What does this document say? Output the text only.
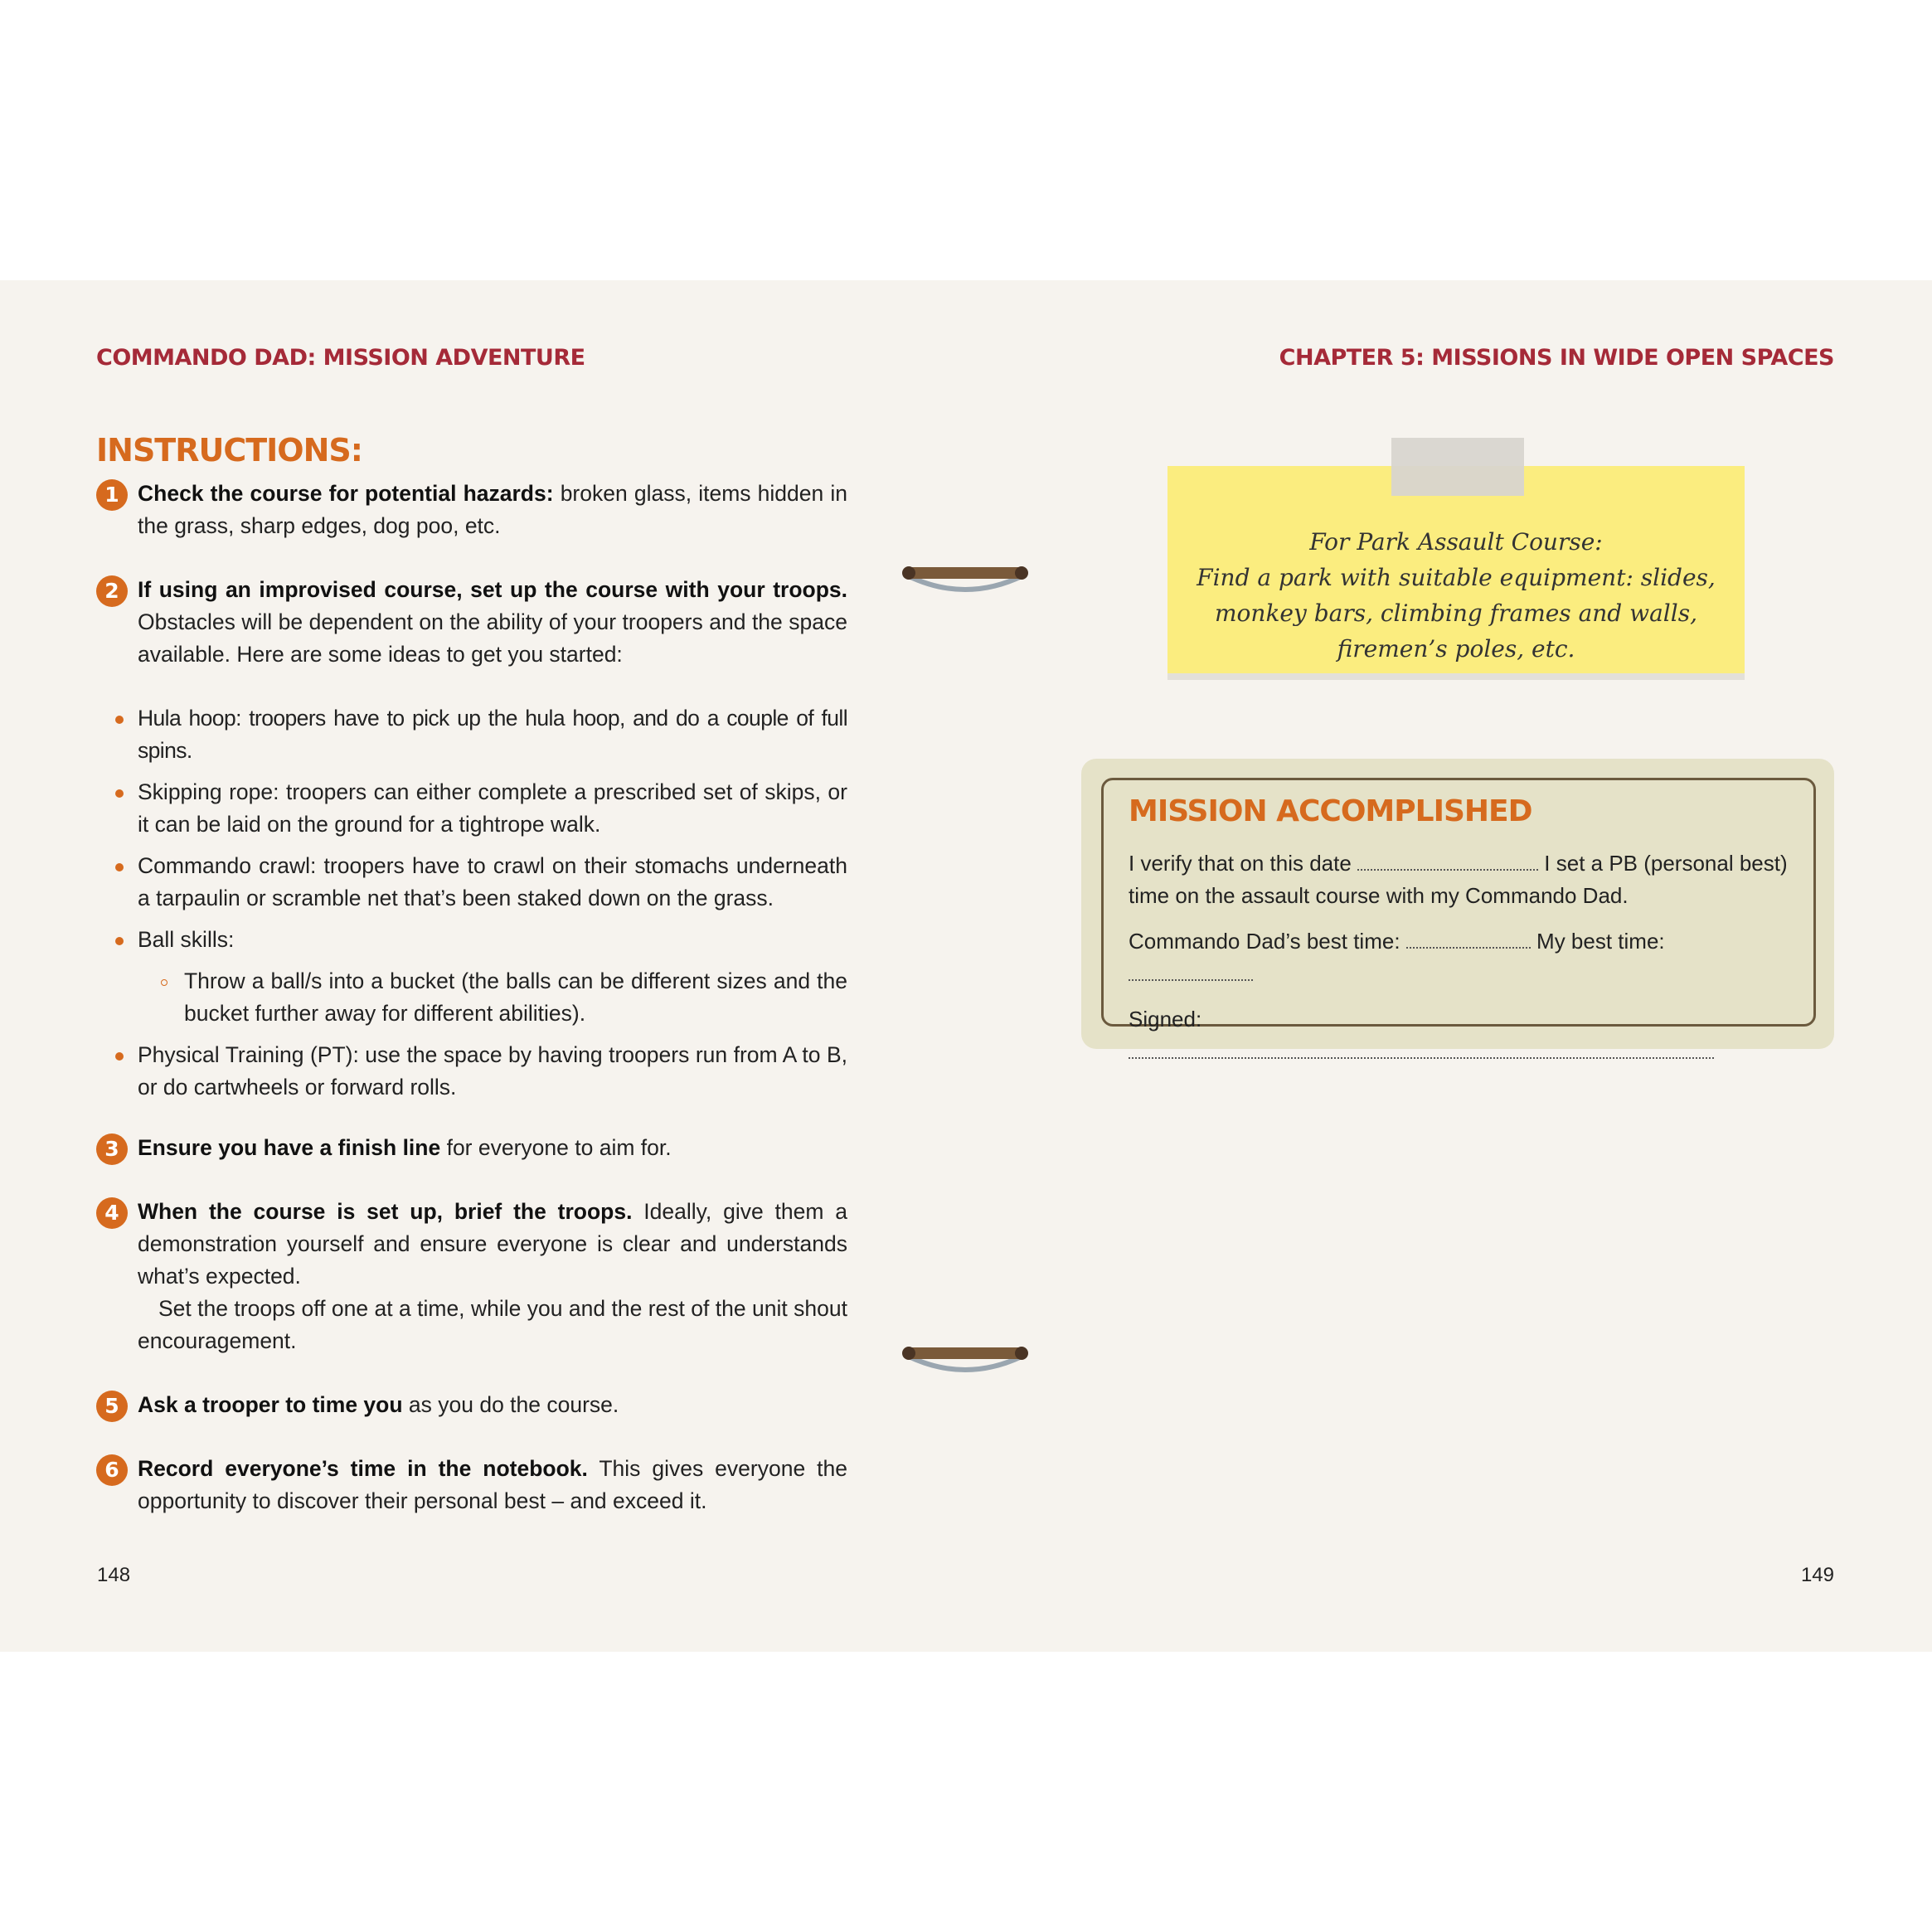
COMMANDO DAD: MISSION ADVENTURE	CHAPTER 5: MISSIONS IN WIDE OPEN SPACES
INSTRUCTIONS:
1 Check the course for potential hazards: broken glass, items hidden in the grass, sharp edges, dog poo, etc.
2 If using an improvised course, set up the course with your troops. Obstacles will be dependent on the ability of your troopers and the space available. Here are some ideas to get you started:
Hula hoop: troopers have to pick up the hula hoop, and do a couple of full spins.
Skipping rope: troopers can either complete a prescribed set of skips, or it can be laid on the ground for a tightrope walk.
Commando crawl: troopers have to crawl on their stomachs underneath a tarpaulin or scramble net that’s been staked down on the grass.
Ball skills:
Throw a ball/s into a bucket (the balls can be different sizes and the bucket further away for different abilities).
Physical Training (PT): use the space by having troopers run from A to B, or do cartwheels or forward rolls.
3 Ensure you have a finish line for everyone to aim for.
4 When the course is set up, brief the troops. Ideally, give them a demonstration yourself and ensure everyone is clear and understands what’s expected.
Set the troops off one at a time, while you and the rest of the unit shout encouragement.
5 Ask a trooper to time you as you do the course.
6 Record everyone’s time in the notebook. This gives everyone the opportunity to discover their personal best – and exceed it.
For Park Assault Course:
Find a park with suitable equipment: slides, monkey bars, climbing frames and walls, firemen’s poles, etc.
MISSION ACCOMPLISHED
I verify that on this date	I set a PB (personal best) time on the assault course with my Commando Dad.
Commando Dad’s best time:	My best time:
Signed:
148	149
